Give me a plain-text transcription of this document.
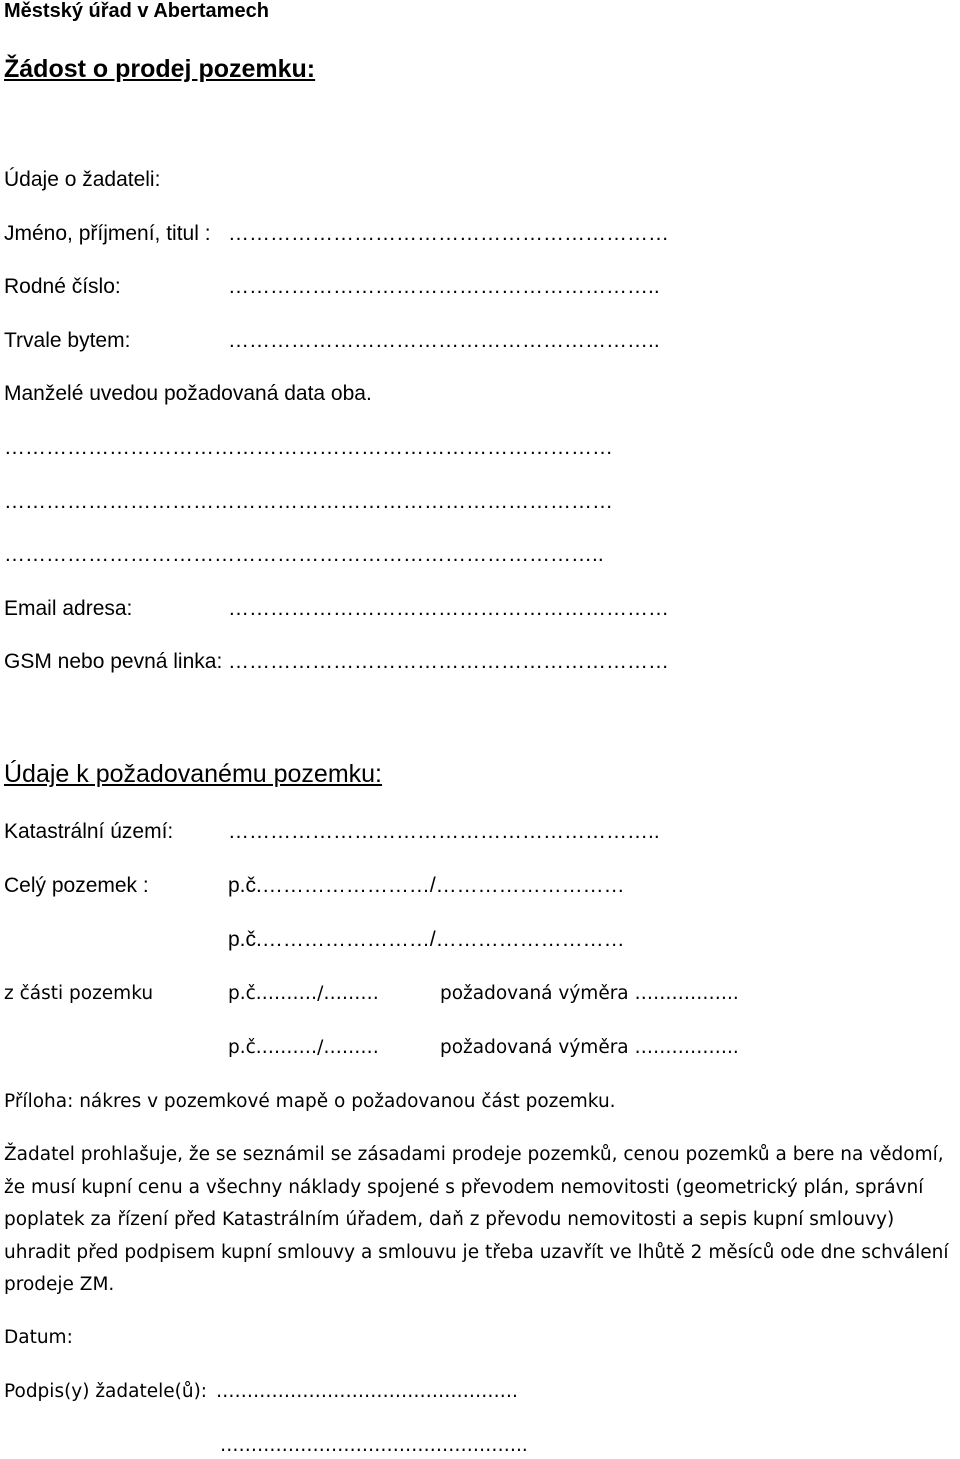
Městský úřad v Abertamech
Žádost o prodej pozemku:
Údaje o žadateli:
Jméno, příjmení, titul : ………………………………………………………
Rodné číslo:	……………………………………………………..
Trvale bytem:	……………………………………………………..
Manželé uvedou požadovaná data oba.
……………………………………………………………………………
……………………………………………………………………………
…………………………………………………………………………..
Email adresa:	………………………………………………………
GSM nebo pevná linka: ………………………………………………………
Údaje k požadovanému pozemku:
Katastrální území:	……………………………………………………..
Celý pozemek :	p.č.……………………/………………………
p.č.……………………/………………………
z části pozemku	p.č.………/………	požadovaná výměra ……………..
p.č.………/………	požadovaná výměra ……………..
Příloha: nákres v pozemkové mapě o požadovanou část pozemku.
Žadatel prohlašuje, že se seznámil se zásadami prodeje pozemků, cenou pozemků a bere na vědomí, že musí kupní cenu a všechny náklady spojené s převodem nemovitosti (geometrický plán, správní poplatek za řízení před Katastrálním úřadem, daň z převodu nemovitosti a sepis kupní smlouvy) uhradit před podpisem kupní smlouvy a smlouvu je třeba uzavřít ve lhůtě 2 měsíců ode dne schválení prodeje ZM.
Datum:
Podpis(y) žadatele(ů): ………………………………………….
…………………………………………..
